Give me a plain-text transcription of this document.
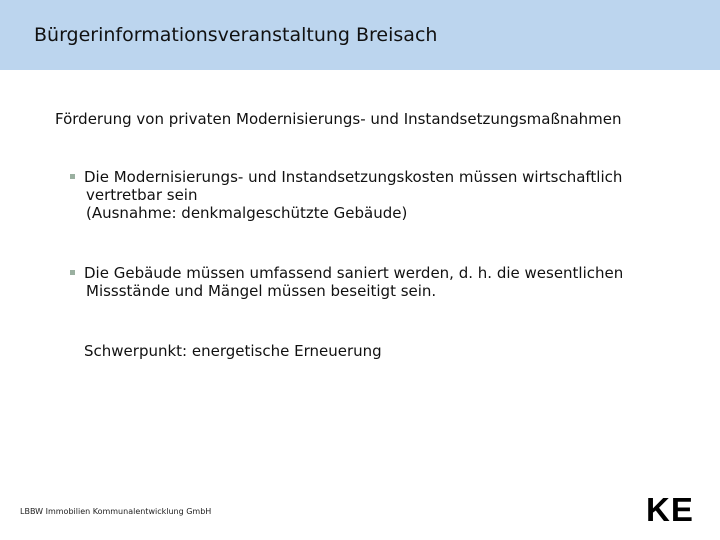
Bürgerinformationsveranstaltung Breisach
Förderung von privaten Modernisierungs- und Instandsetzungsmaßnahmen
Die Modernisierungs- und Instandsetzungskosten müssen wirtschaftlich
vertretbar sein
(Ausnahme: denkmalgeschützte Gebäude)
Die Gebäude müssen umfassend saniert werden, d. h. die wesentlichen
Missstände und Mängel müssen beseitigt sein.
Schwerpunkt: energetische Erneuerung
LBBW Immobilien Kommunalentwicklung GmbH	KE
